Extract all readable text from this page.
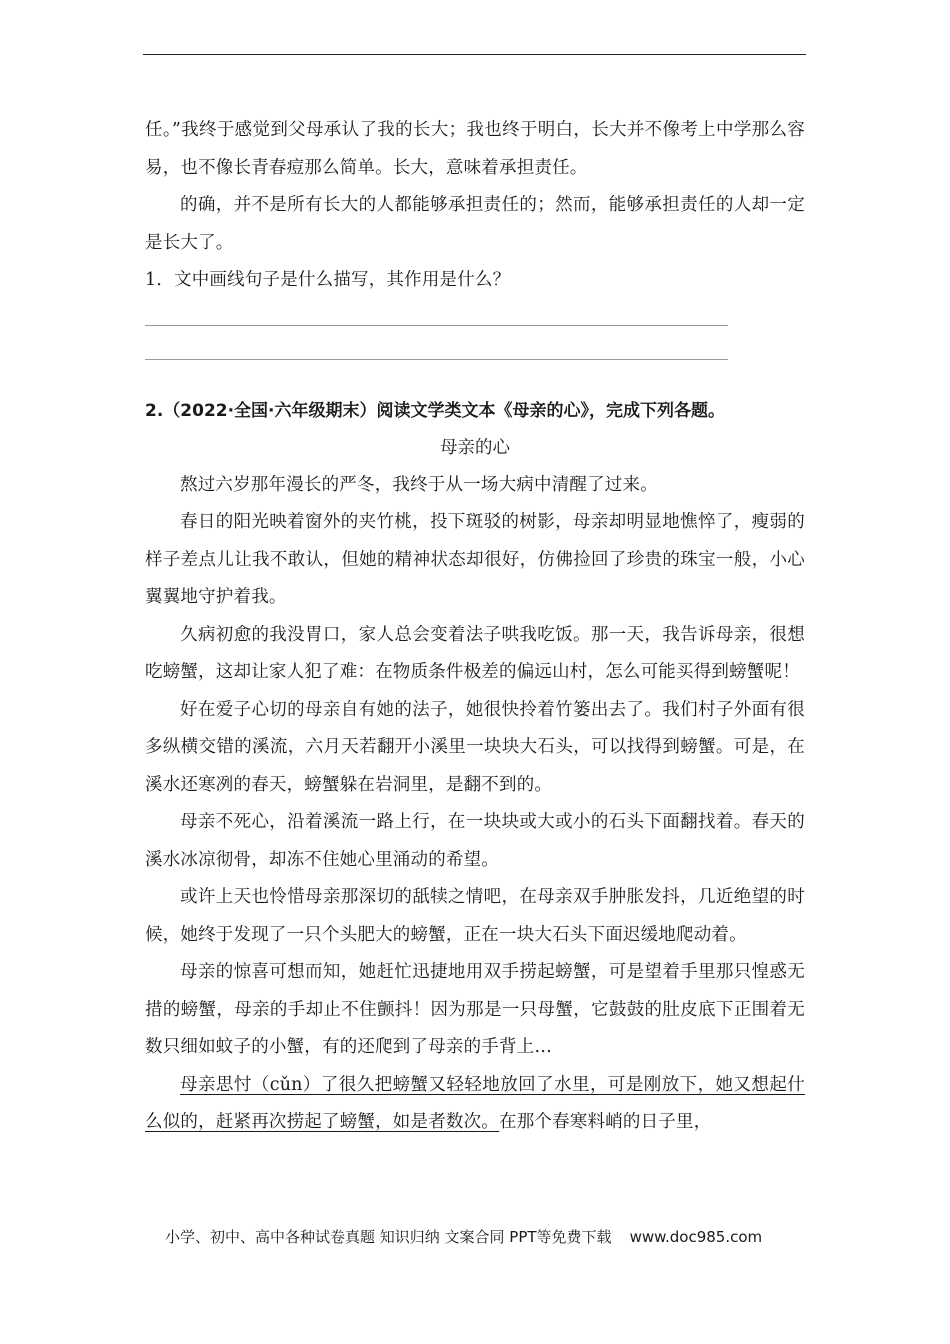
任。”我终于感觉到父母承认了我的长大；我也终于明白，长大并不像考上中学那么容易，也不像长青春痘那么简单。长大，意味着承担责任。

的确，并不是所有长大的人都能够承担责任的；然而，能够承担责任的人却一定是长大了。

1．文中画线句子是什么描写，其作用是什么？

2.（2022·全国·六年级期末）阅读文学类文本《母亲的心》，完成下列各题。

母亲的心

熬过六岁那年漫长的严冬，我终于从一场大病中清醒了过来。

春日的阳光映着窗外的夹竹桃，投下斑驳的树影，母亲却明显地憔悴了，瘦弱的样子差点儿让我不敢认，但她的精神状态却很好，仿佛捡回了珍贵的珠宝一般，小心翼翼地守护着我。

久病初愈的我没胃口，家人总会变着法子哄我吃饭。那一天，我告诉母亲，很想吃螃蟹，这却让家人犯了难：在物质条件极差的偏远山村，怎么可能买得到螃蟹呢！

好在爱子心切的母亲自有她的法子，她很快拎着竹篓出去了。我们村子外面有很多纵横交错的溪流，六月天若翻开小溪里一块块大石头，可以找得到螃蟹。可是，在溪水还寒冽的春天，螃蟹躲在岩洞里，是翻不到的。

母亲不死心，沿着溪流一路上行，在一块块或大或小的石头下面翻找着。春天的溪水冰凉彻骨，却冻不住她心里涌动的希望。

或许上天也怜惜母亲那深切的舐犊之情吧，在母亲双手肿胀发抖，几近绝望的时候，她终于发现了一只个头肥大的螃蟹，正在一块大石头下面迟缓地爬动着。

母亲的惊喜可想而知，她赶忙迅捷地用双手捞起螃蟹，可是望着手里那只惶惑无措的螃蟹，母亲的手却止不住颤抖！因为那是一只母蟹，它鼓鼓的肚皮底下正围着无数只细如蚊子的小蟹，有的还爬到了母亲的手背上…

母亲思忖（cǔn）了很久把螃蟹又轻轻地放回了水里，可是刚放下，她又想起什么似的，赶紧再次捞起了螃蟹，如是者数次。在那个春寒料峭的日子里，

小学、初中、高中各种试卷真题 知识归纳 文案合同 PPT等免费下载 www.doc985.com
